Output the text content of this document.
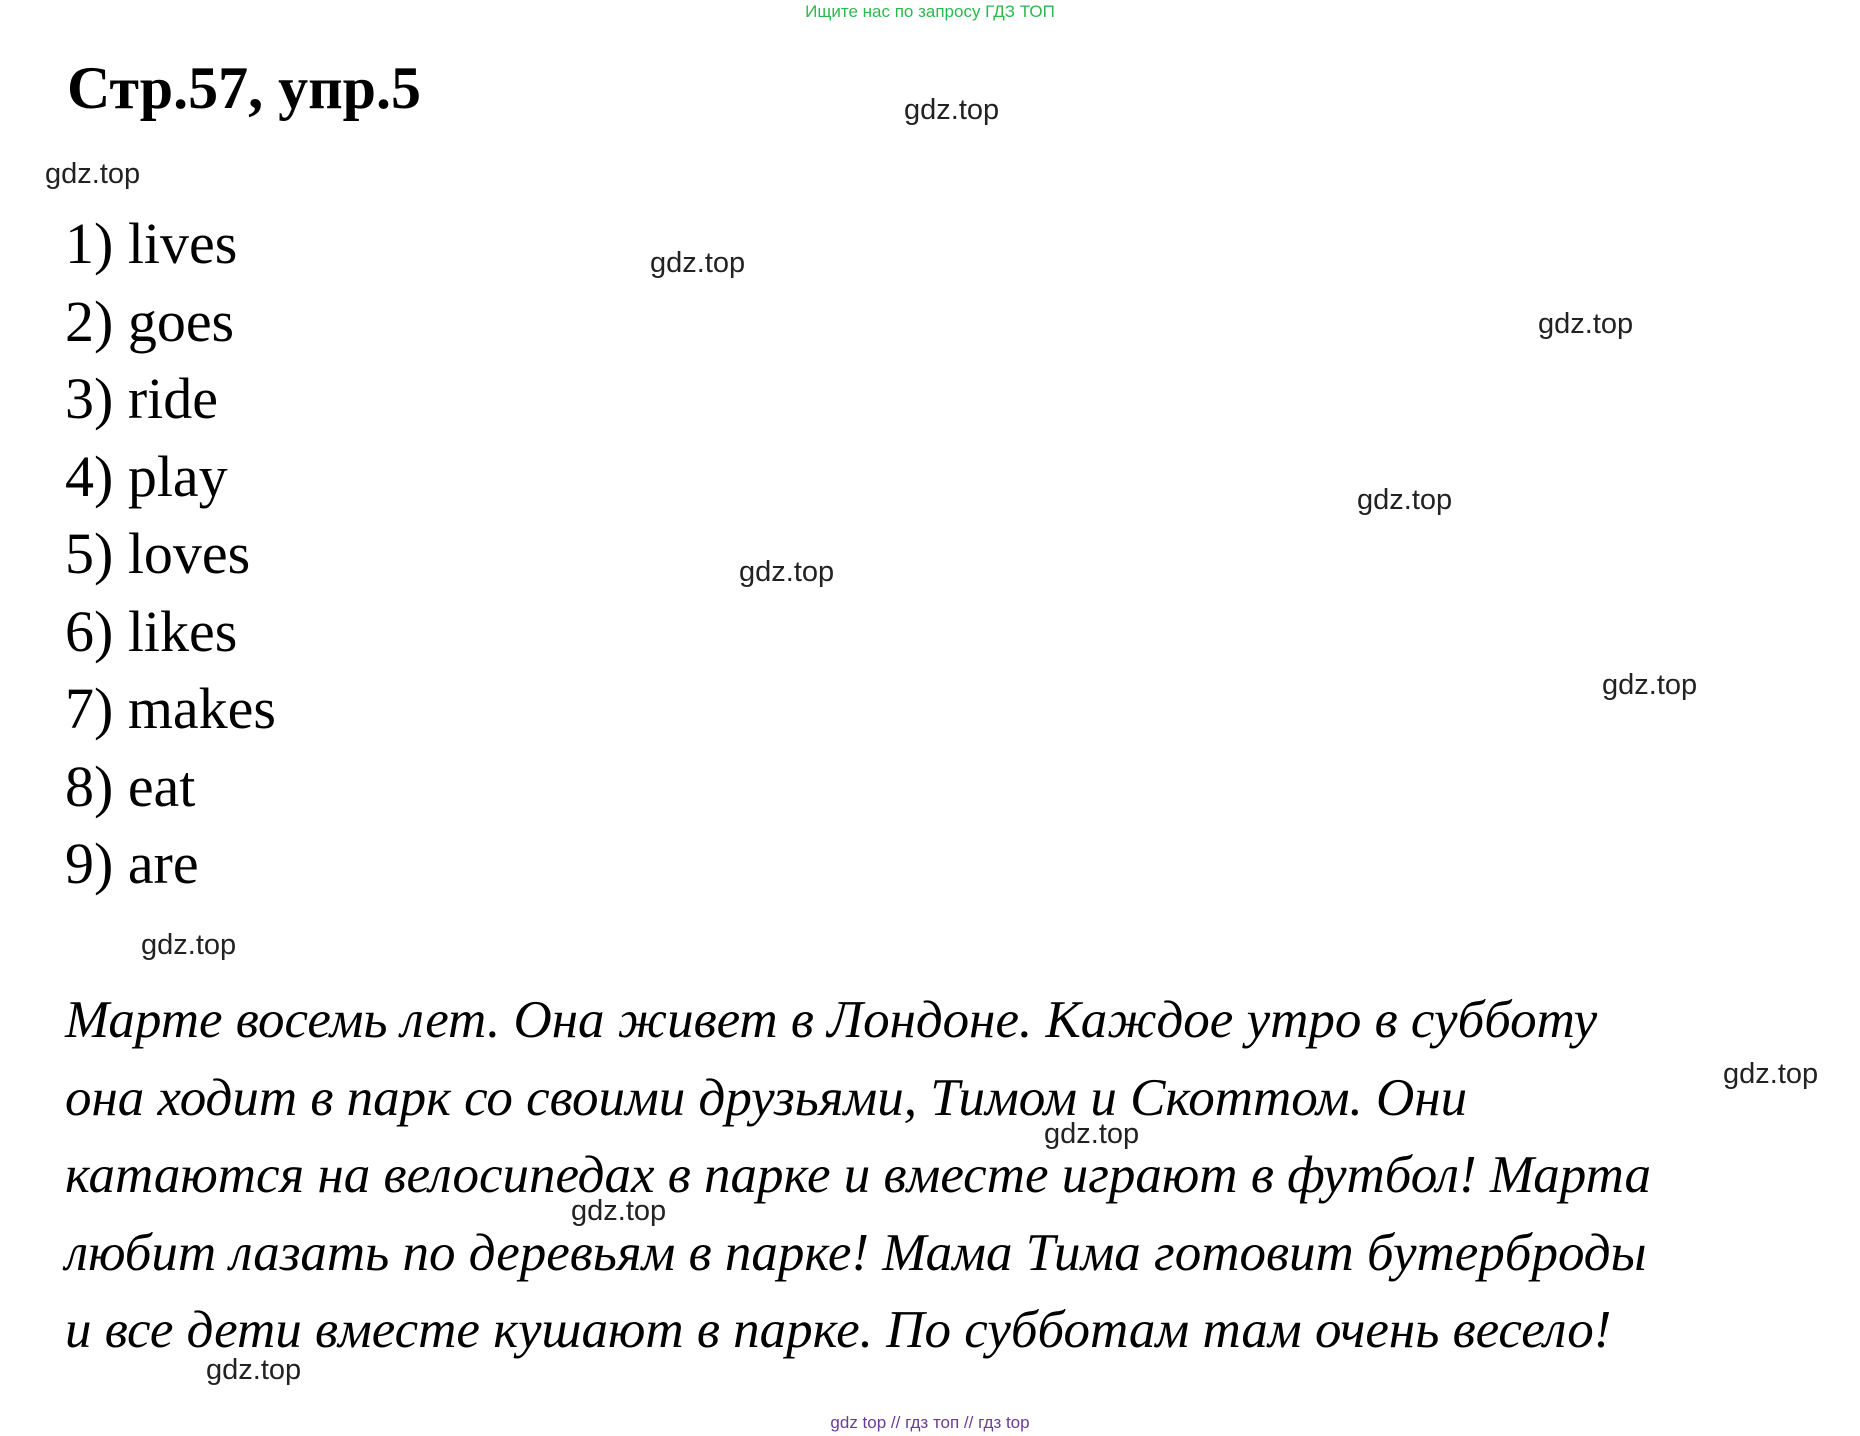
Ищите нас по запросу ГДЗ ТОП
Стр.57, упр.5
1) lives
2) goes
3) ride
4) play
5) loves
6) likes
7) makes
8) eat
9) are

Марте восемь лет. Она живет в Лондоне. Каждое утро в субботу
она ходит в парк со своими друзьями, Тимом и Скоттом. Они
катаются на велосипедах в парке и вместе играют в футбол! Марта
любит лазать по деревьям в парке! Мама Тима готовит бутерброды
и все дети вместе кушают в парке. По субботам там очень весело!

gdz.top
gdz.top
gdz.top
gdz.top
gdz.top
gdz.top
gdz.top
gdz.top
gdz.top
gdz.top
gdz.top
gdz.top
gdz top // гдз топ // гдз top
